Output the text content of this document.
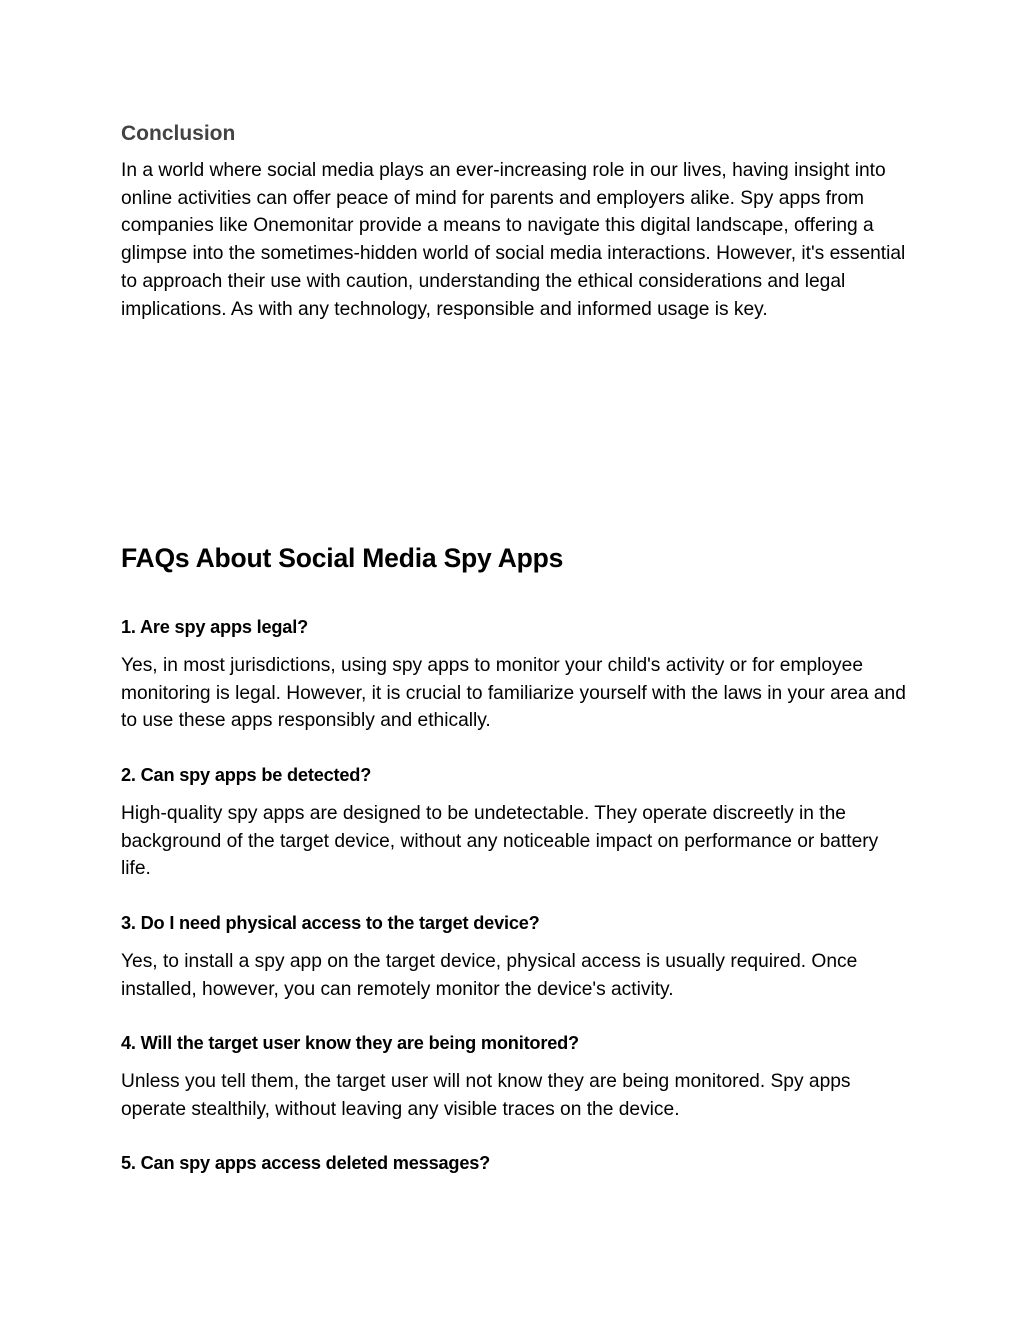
Conclusion

In a world where social media plays an ever-increasing role in our lives, having insight into online activities can offer peace of mind for parents and employers alike. Spy apps from companies like Onemonitar provide a means to navigate this digital landscape, offering a glimpse into the sometimes-hidden world of social media interactions. However, it's essential to approach their use with caution, understanding the ethical considerations and legal implications. As with any technology, responsible and informed usage is key.

FAQs About Social Media Spy Apps
1. Are spy apps legal?

Yes, in most jurisdictions, using spy apps to monitor your child's activity or for employee monitoring is legal. However, it is crucial to familiarize yourself with the laws in your area and to use these apps responsibly and ethically.

2. Can spy apps be detected?

High-quality spy apps are designed to be undetectable. They operate discreetly in the background of the target device, without any noticeable impact on performance or battery life.

3. Do I need physical access to the target device?

Yes, to install a spy app on the target device, physical access is usually required. Once installed, however, you can remotely monitor the device's activity.

4. Will the target user know they are being monitored?

Unless you tell them, the target user will not know they are being monitored. Spy apps operate stealthily, without leaving any visible traces on the device.

5. Can spy apps access deleted messages?
